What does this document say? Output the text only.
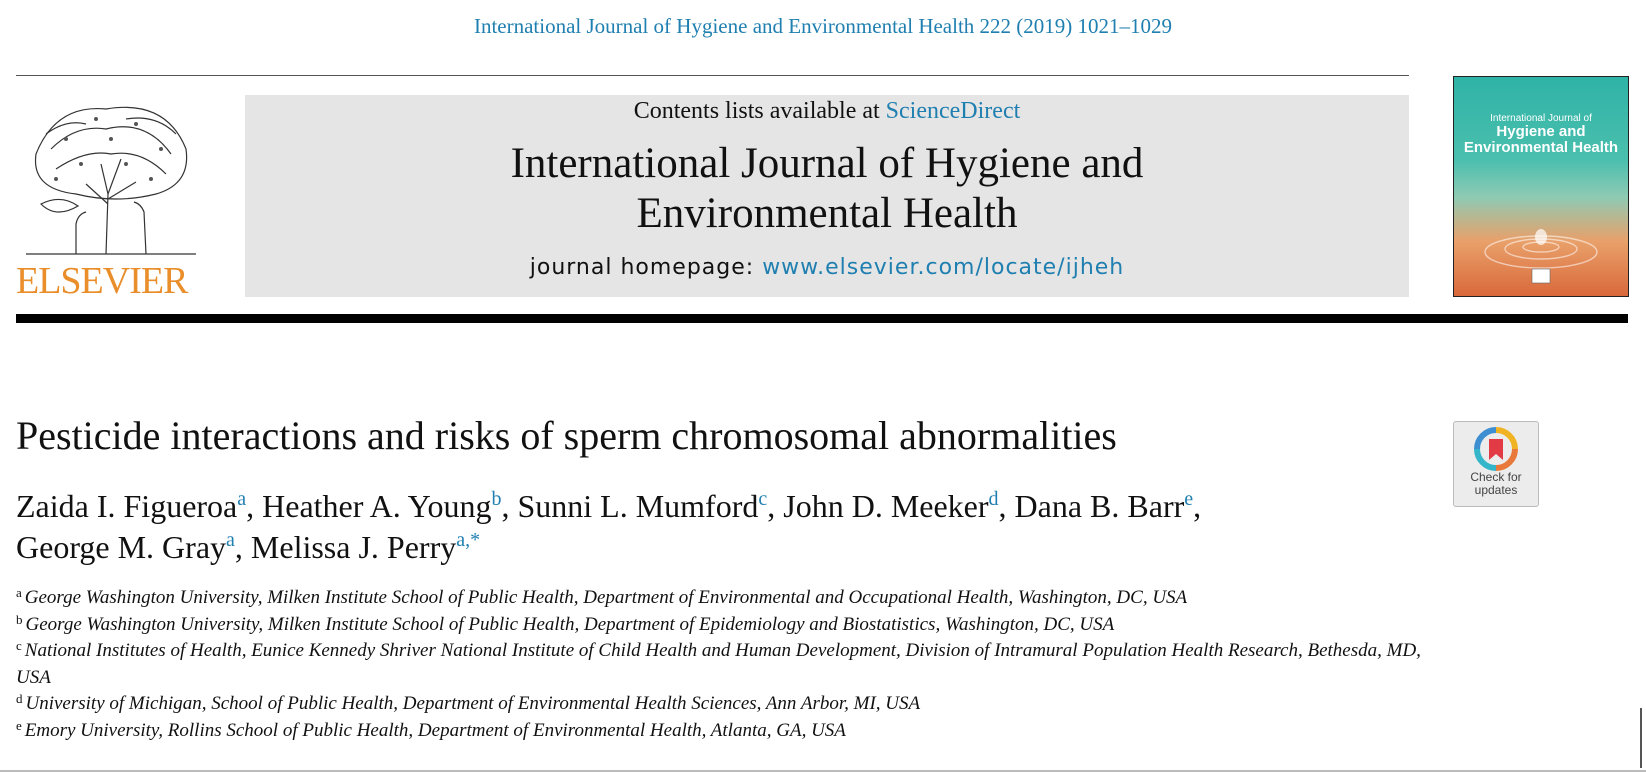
International Journal of Hygiene and Environmental Health 222 (2019) 1021–1029
ELSEVIER
Contents lists available at ScienceDirect
International Journal of Hygiene and
Environmental Health
journal homepage: www.elsevier.com/locate/ijheh
International Journal of
Hygiene and
Environmental Health
Pesticide interactions and risks of sperm chromosomal abnormalities
Check for
updates
Zaida I. Figueroa$^a$, Heather A. Young$^b$, Sunni L. Mumford$^c$, John D. Meeker$^d$, Dana B. Barr$^e$,
George M. Gray$^a$, Melissa J. Perry$^{a,*}$
$^a$ George Washington University, Milken Institute School of Public Health, Department of Environmental and Occupational Health, Washington, DC, USA
$^b$ George Washington University, Milken Institute School of Public Health, Department of Epidemiology and Biostatistics, Washington, DC, USA
$^c$ National Institutes of Health, Eunice Kennedy Shriver National Institute of Child Health and Human Development, Division of Intramural Population Health Research, Bethesda, MD, USA
$^d$ University of Michigan, School of Public Health, Department of Environmental Health Sciences, Ann Arbor, MI, USA
$^e$ Emory University, Rollins School of Public Health, Department of Environmental Health, Atlanta, GA, USA
